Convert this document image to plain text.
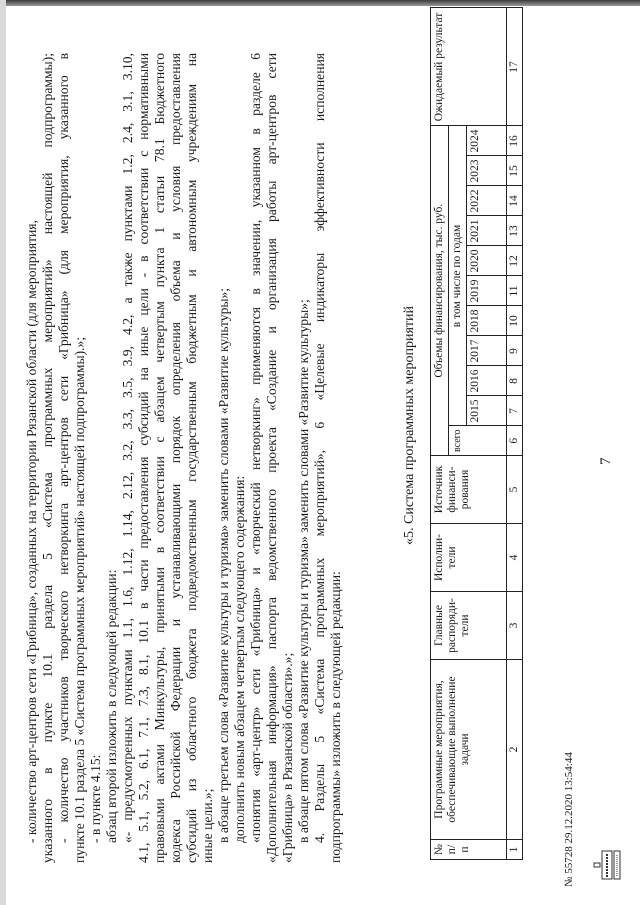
7
- количество арт-центров сети «Грибница», созданных на территории Рязанской области (для мероприятия, указанного в пункте 10.1 раздела 5 «Система программных мероприятий» настоящей подпрограммы); - количество участников творческого нетворкинга арт-центров сети «Грибница» (для мероприятия, указанного в пункте 10.1 раздела 5 «Система программных мероприятий» настоящей подпрограммы).»; - в пункте 4.15: абзац второй изложить в следующей редакции: «- предусмотренных пунктами 1.1, 1.6, 1.12, 1.14, 2.12, 3.2, 3.3, 3.5, 3.9, 4.2, а также пунктами 1.2, 2.4, 3.1, 3.10, 4.1, 5.1, 5.2, 6.1, 7.1, 7.3, 8.1, 10.1 в части предоставления субсидий на иные цели - в соответствии с нормативными правовыми актами Минкультуры, принятыми в соответствии с абзацем четвертым пункта 1 статьи 78.1 Бюджетного кодекса Российской Федерации и устанавливающими порядок определения объема и условия предоставления субсидий из областного бюджета подведомственным государственным бюджетным и автономным учреждениям на иные цели.»; в абзаце третьем слова «Развитие культуры и туризма» заменить словами «Развитие культуры»; дополнить новым абзацем четвертым следующего содержания: «понятия «арт-центр» сети «Грибница» и «творческий нетворкинг» применяются в значении, указанном в разделе 6 «Дополнительная информация» паспорта ведомственного проекта «Создание и организация работы арт-центров сети «Грибница» в Рязанской области».»; в абзаце пятом слова «Развитие культуры и туризма» заменить словами «Развитие культуры»; 4. Разделы 5 «Система программных мероприятий», 6 «Целевые индикаторы эффективности исполнения подпрограммы» изложить в следующей редакции:
«5. Система программных мероприятий
№ п/п	Программные мероприятия, обеспечивающие выполнение задачи	Главные распоряди-тели	Исполни-тели	Источник финанси-рования	Объемы финансирования, тыс. руб.											Ожидаемый результат
					всего	в том числе по годам										
						2015	2016	2017	2018	2019	2020	2021	2022	2023	2024	
1	2	3	4	5	6	7	8	9	10	11	12	13	14	15	16	17
№ 55728 29.12.2020 13:54:44
